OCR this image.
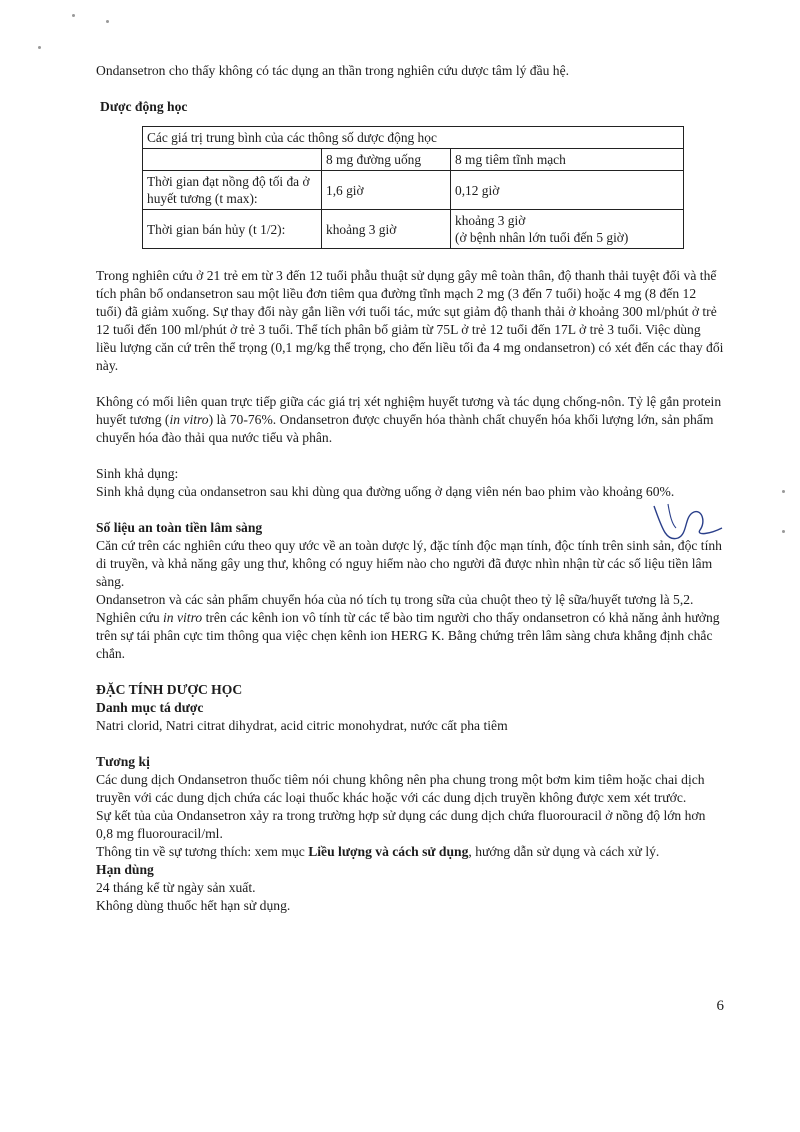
Ondansetron cho thấy không có tác dụng an thần trong nghiên cứu dược tâm lý đầu hệ.

Dược động học

Các giá trị trung bình của các thông số dược động học		
	8 mg đường uống	8 mg tiêm tĩnh mạch
Thời gian đạt nồng độ tối đa ở huyết tương (t max):	1,6 giờ	0,12 giờ
Thời gian bán hủy (t 1/2):	khoảng 3 giờ	khoảng 3 giờ
(ở bệnh nhân lớn tuổi đến 5 giờ)

Trong nghiên cứu ở 21 trẻ em từ 3 đến 12 tuổi phẫu thuật sử dụng gây mê toàn thân, độ thanh thải tuyệt đối và thể tích phân bố ondansetron sau một liều đơn tiêm qua đường tĩnh mạch 2 mg (3 đến 7 tuổi) hoặc 4 mg (8 đến 12 tuổi) đã giảm xuống. Sự thay đổi này gắn liền với tuổi tác, mức sụt giảm độ thanh thải ở khoảng 300 ml/phút ở trẻ 12 tuổi đến 100 ml/phút ở trẻ 3 tuổi. Thể tích phân bố giảm từ 75L ở trẻ 12 tuổi đến 17L ở trẻ 3 tuổi. Việc dùng liều lượng căn cứ trên thể trọng (0,1 mg/kg thể trọng, cho đến liều tối đa 4 mg ondansetron) có xét đến các thay đổi này.

Không có mối liên quan trực tiếp giữa các giá trị xét nghiệm huyết tương và tác dụng chống-nôn. Tỷ lệ gắn protein huyết tương (in vitro) là 70-76%. Ondansetron được chuyển hóa thành chất chuyển hóa khối lượng lớn, sản phẩm chuyển hóa đào thải qua nước tiểu và phân.

Sinh khả dụng:

Sinh khả dụng của ondansetron sau khi dùng qua đường uống ở dạng viên nén bao phim vào khoảng 60%.

Số liệu an toàn tiền lâm sàng

Căn cứ trên các nghiên cứu theo quy ước về an toàn dược lý, đặc tính độc mạn tính, độc tính trên sinh sản, độc tính di truyền, và khả năng gây ung thư, không có nguy hiểm nào cho người đã được nhìn nhận từ các số liệu tiền lâm sàng.

Ondansetron và các sản phẩm chuyển hóa của nó tích tụ trong sữa của chuột theo tỷ lệ sữa/huyết tương là 5,2.

Nghiên cứu in vitro trên các kênh ion vô tính từ các tế bào tim người cho thấy ondansetron có khả năng ảnh hưởng trên sự tái phân cực tim thông qua việc chẹn kênh ion HERG K. Bằng chứng trên lâm sàng chưa khẳng định chắc chắn.

ĐẶC TÍNH DƯỢC HỌC

Danh mục tá dược

Natri clorid, Natri citrat dihydrat, acid citric monohydrat, nước cất pha tiêm

Tương kị

Các dung dịch Ondansetron thuốc tiêm nói chung không nên pha chung trong một bơm kim tiêm hoặc chai dịch truyền với các dung dịch chứa các loại thuốc khác hoặc với các dung dịch truyền không được xem xét trước.

Sự kết tủa của Ondansetron xảy ra trong trường hợp sử dụng các dung dịch chứa fluorouracil ở nồng độ lớn hơn 0,8 mg fluorouracil/ml.

Thông tin về sự tương thích: xem mục Liều lượng và cách sử dụng, hướng dẫn sử dụng và cách xử lý.

Hạn dùng

24 tháng kể từ ngày sản xuất.

Không dùng thuốc hết hạn sử dụng.

6
